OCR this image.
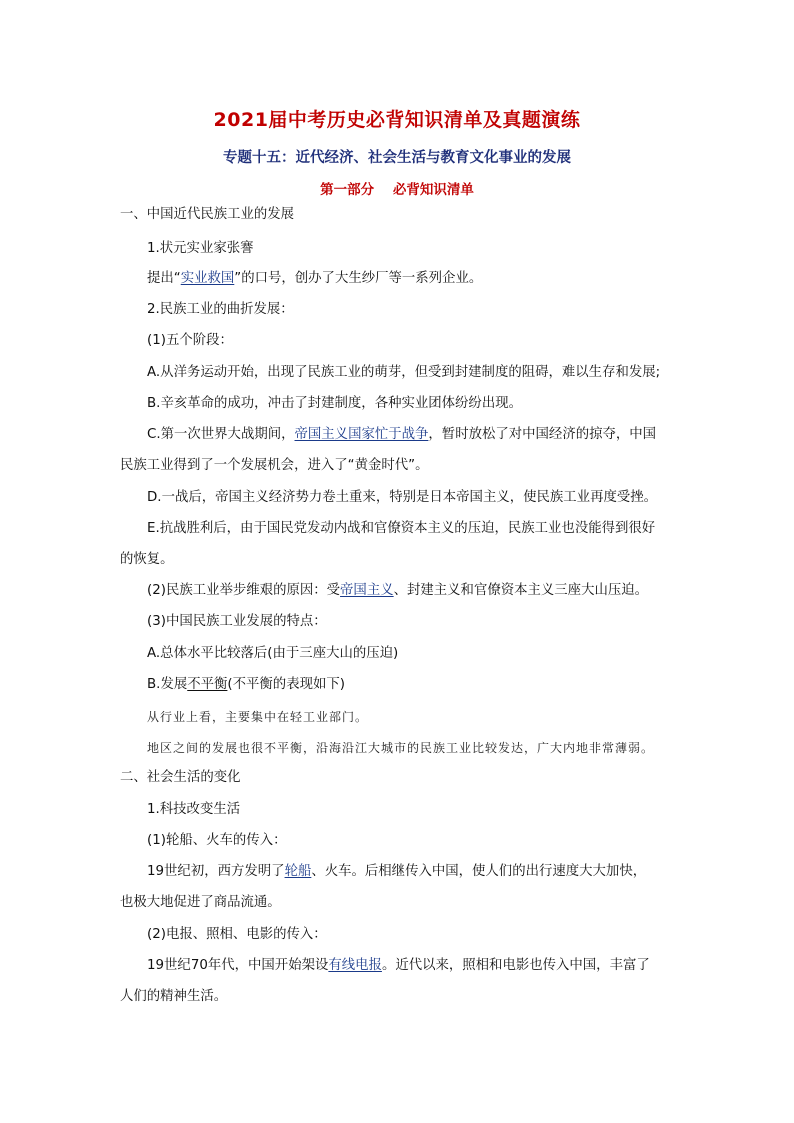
2021届中考历史必背知识清单及真题演练
专题十五：近代经济、社会生活与教育文化事业的发展
第一部分    必背知识清单
一、中国近代民族工业的发展
1.状元实业家张謇
提出“实业救国”的口号，创办了大生纱厂等一系列企业。
2.民族工业的曲折发展：
(1)五个阶段：
A.从洋务运动开始，出现了民族工业的萌芽，但受到封建制度的阻碍，难以生存和发展;
B.辛亥革命的成功，冲击了封建制度，各种实业团体纷纷出现。
C.第一次世界大战期间，帝国主义国家忙于战争，暂时放松了对中国经济的掠夺，中国
民族工业得到了一个发展机会，进入了“黄金时代”。
D.一战后，帝国主义经济势力卷土重来，特别是日本帝国主义，使民族工业再度受挫。
E.抗战胜利后，由于国民党发动内战和官僚资本主义的压迫，民族工业也没能得到很好
的恢复。
(2)民族工业举步维艰的原因：受帝国主义、封建主义和官僚资本主义三座大山压迫。
(3)中国民族工业发展的特点：
A.总体水平比较落后(由于三座大山的压迫)
B.发展不平衡(不平衡的表现如下)
从行业上看，主要集中在轻工业部门。
地区之间的发展也很不平衡，沿海沿江大城市的民族工业比较发达，广大内地非常薄弱。
二、社会生活的变化
1.科技改变生活
(1)轮船、火车的传入：
19世纪初，西方发明了轮船、火车。后相继传入中国，使人们的出行速度大大加快，
也极大地促进了商品流通。
(2)电报、照相、电影的传入：
19世纪70年代，中国开始架设有线电报。近代以来，照相和电影也传入中国，丰富了
人们的精神生活。
